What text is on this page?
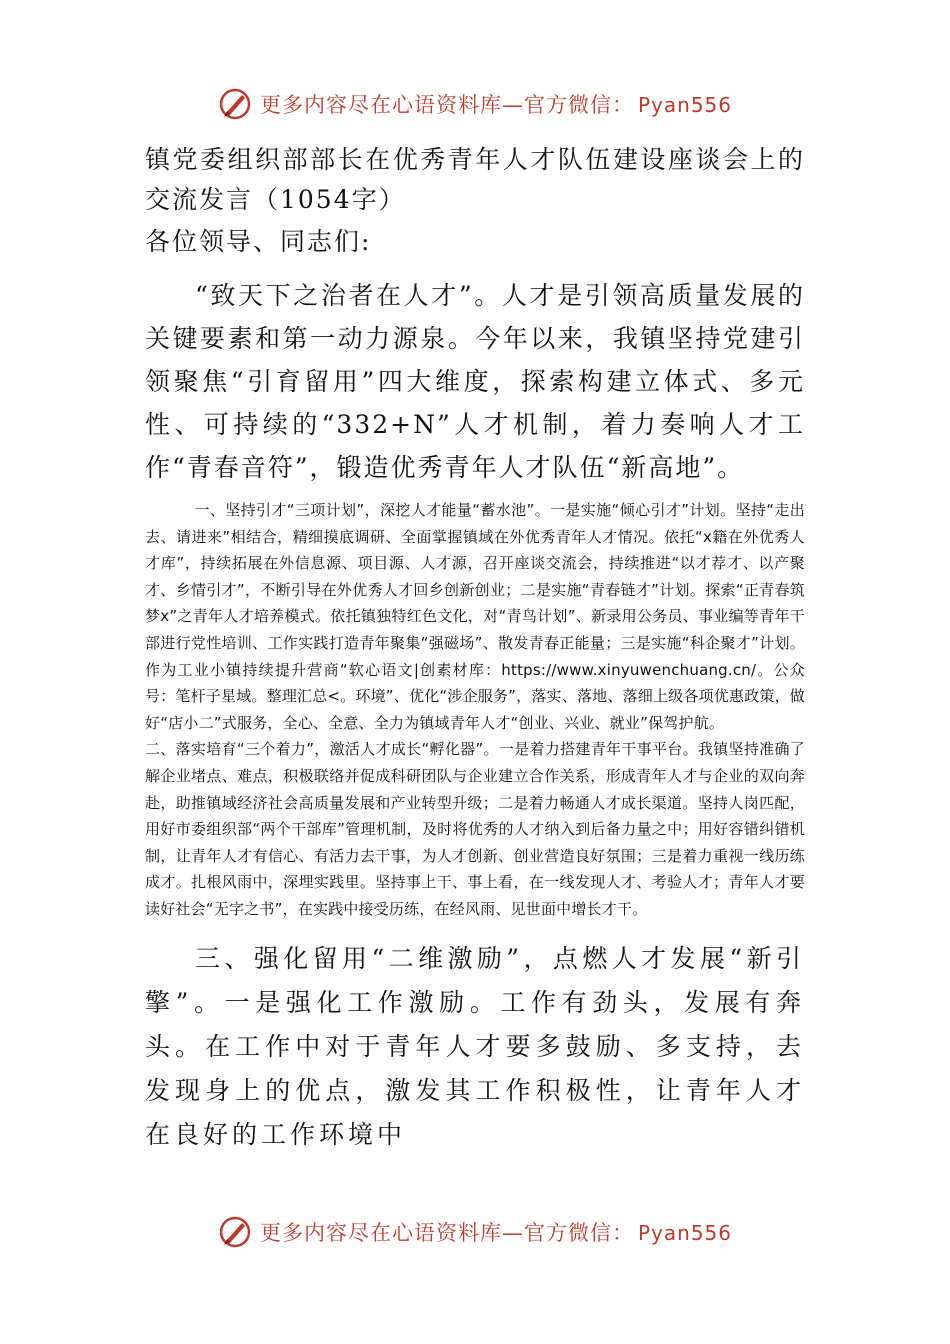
更多内容尽在心语资料库—官方微信： Pyan556

镇党委组织部部长在优秀青年人才队伍建设座谈会上的交流发言（1054字）

各位领导、同志们:

“致天下之治者在人才”。人才是引领高质量发展的关键要素和第一动力源泉。今年以来，我镇坚持党建引领聚焦“引育留用”四大维度，探索构建立体式、多元性、可持续的“332+N”人才机制，着力奏响人才工作“青春音符”，锻造优秀青年人才队伍“新高地”。

一、坚持引才“三项计划”，深挖人才能量“蓄水池”。一是实施“倾心引才”计划。坚持“走出去、请进来”相结合，精细摸底调研、全面掌握镇域在外优秀青年人才情况。依托“x籍在外优秀人才库”，持续拓展在外信息源、项目源、人才源，召开座谈交流会，持续推进“以才荐才、以产聚才、乡情引才”，不断引导在外优秀人才回乡创新创业；二是实施“青春链才”计划。探索“正青春筑梦x”之青年人才培养模式。依托镇独特红色文化，对“青鸟计划”、新录用公务员、事业编等青年干部进行党性培训、工作实践打造青年聚集“强磁场”、散发青春正能量；三是实施“科企聚才”计划。作为工业小镇持续提升营商“软心语文|创素材库：https://www.xinyuwenchuang.cn/。公众号：笔杆子星域。整理汇总<。环境”、优化“涉企服务”，落实、落地、落细上级各项优惠政策，做好“店小二”式服务，全心、全意、全力为镇域青年人才“创业、兴业、就业”保驾护航。

二、落实培育“三个着力”，激活人才成长“孵化器”。一是着力搭建青年干事平台。我镇坚持准确了解企业堵点、难点，积极联络并促成科研团队与企业建立合作关系，形成青年人才与企业的双向奔赴，助推镇域经济社会高质量发展和产业转型升级；二是着力畅通人才成长渠道。坚持人岗匹配，用好市委组织部“两个干部库”管理机制，及时将优秀的人才纳入到后备力量之中；用好容错纠错机制，让青年人才有信心、有活力去干事，为人才创新、创业营造良好氛围；三是着力重视一线历练成才。扎根风雨中，深埋实践里。坚持事上干、事上看，在一线发现人才、考验人才；青年人才要读好社会“无字之书”，在实践中接受历练，在经风雨、见世面中增长才干。

三、强化留用“二维激励”，点燃人才发展“新引擎”。一是强化工作激励。工作有劲头，发展有奔头。在工作中对于青年人才要多鼓励、多支持，去发现身上的优点，激发其工作积极性，让青年人才在良好的工作环境中

更多内容尽在心语资料库—官方微信： Pyan556
